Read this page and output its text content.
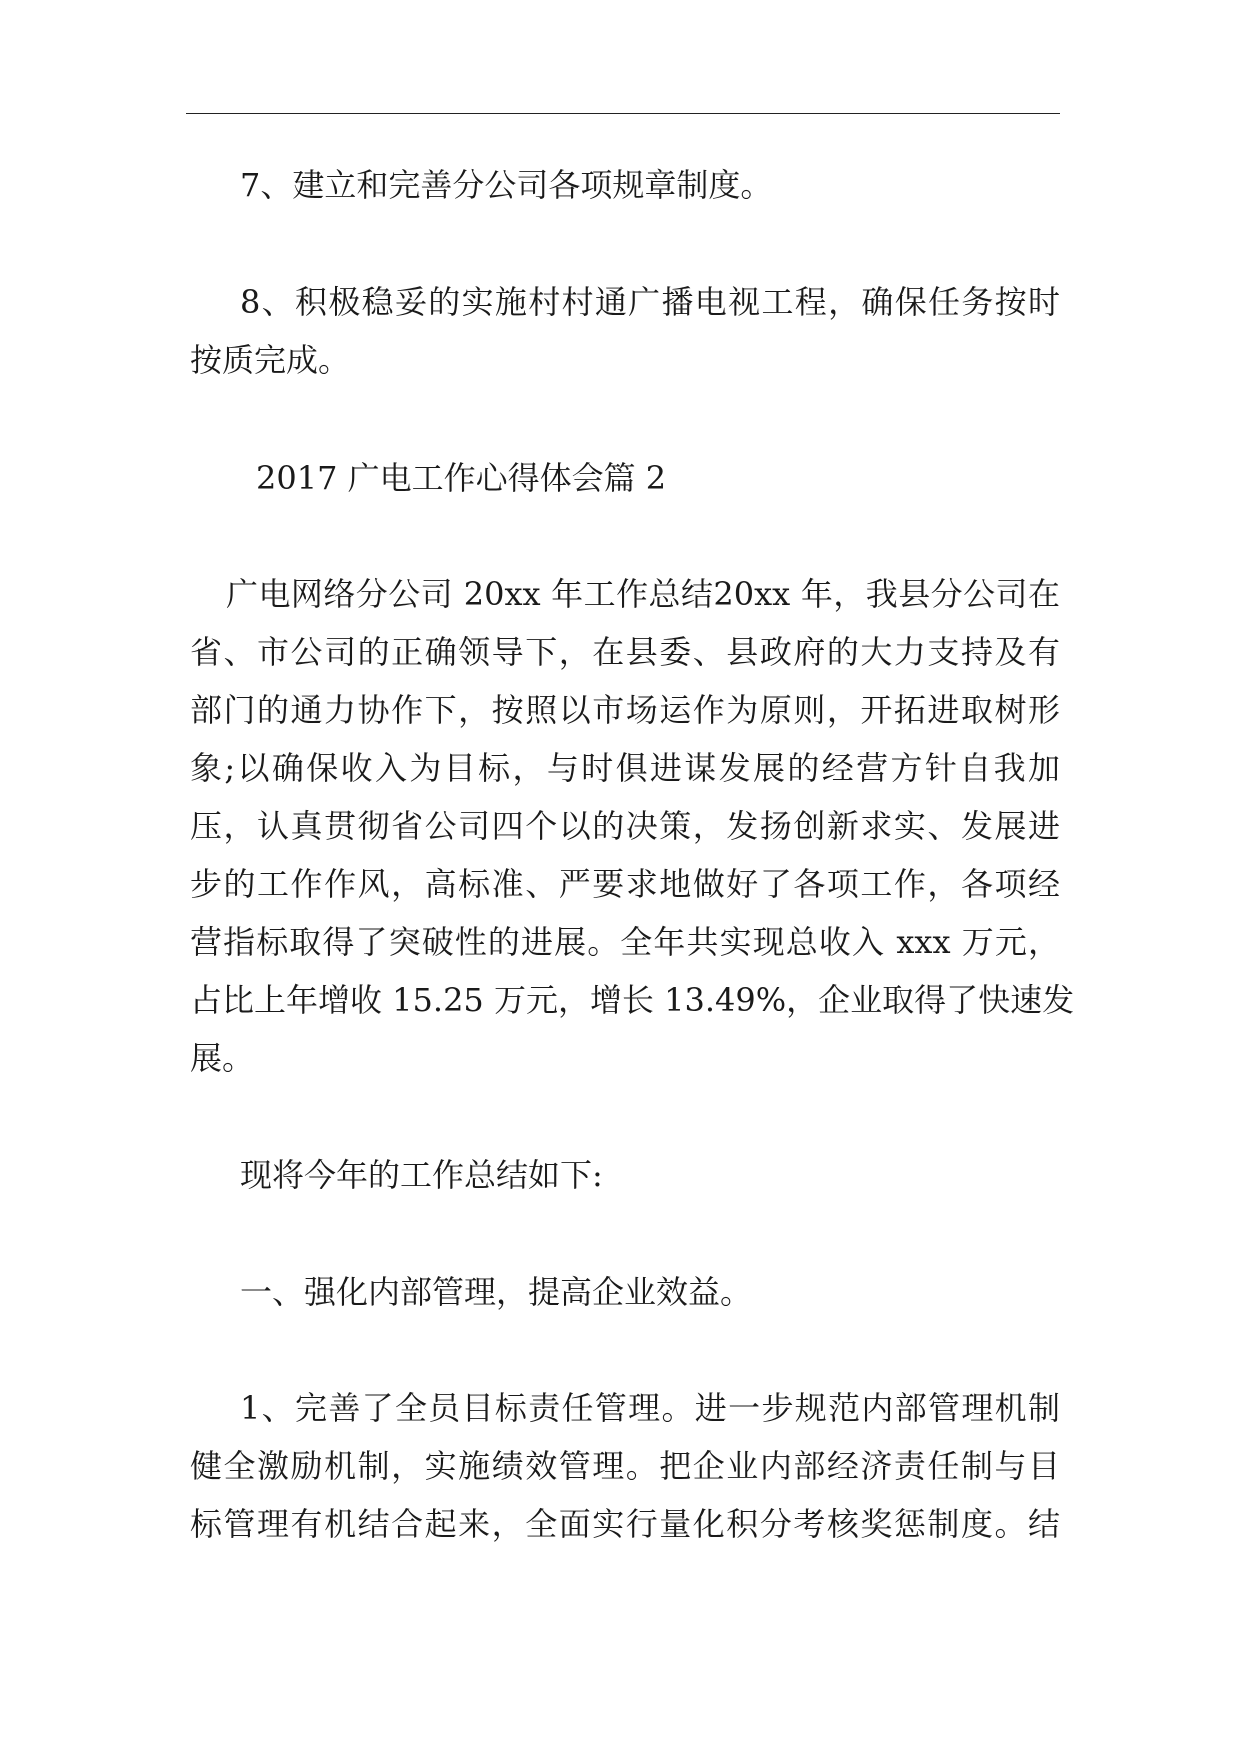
7、建立和完善分公司各项规章制度。
8、积极稳妥的实施村村通广播电视工程，确保任务按时
按质完成。
2017 广电工作心得体会篇 2
广电网络分公司 20xx 年工作总结20xx 年，我县分公司在
省、市公司的正确领导下，在县委、县政府的大力支持及有
部门的通力协作下，按照以市场运作为原则，开拓进取树形
象;以确保收入为目标，与时俱进谋发展的经营方针自我加
压，认真贯彻省公司四个以的决策，发扬创新求实、发展进
步的工作作风，高标准、严要求地做好了各项工作，各项经
营指标取得了突破性的进展。全年共实现总收入 xxx 万元，
占比上年增收 15.25 万元，增长 13.49%，企业取得了快速发
展。
现将今年的工作总结如下:
一、强化内部管理，提高企业效益。
1、完善了全员目标责任管理。进一步规范内部管理机制
健全激励机制，实施绩效管理。把企业内部经济责任制与目
标管理有机结合起来，全面实行量化积分考核奖惩制度。结
